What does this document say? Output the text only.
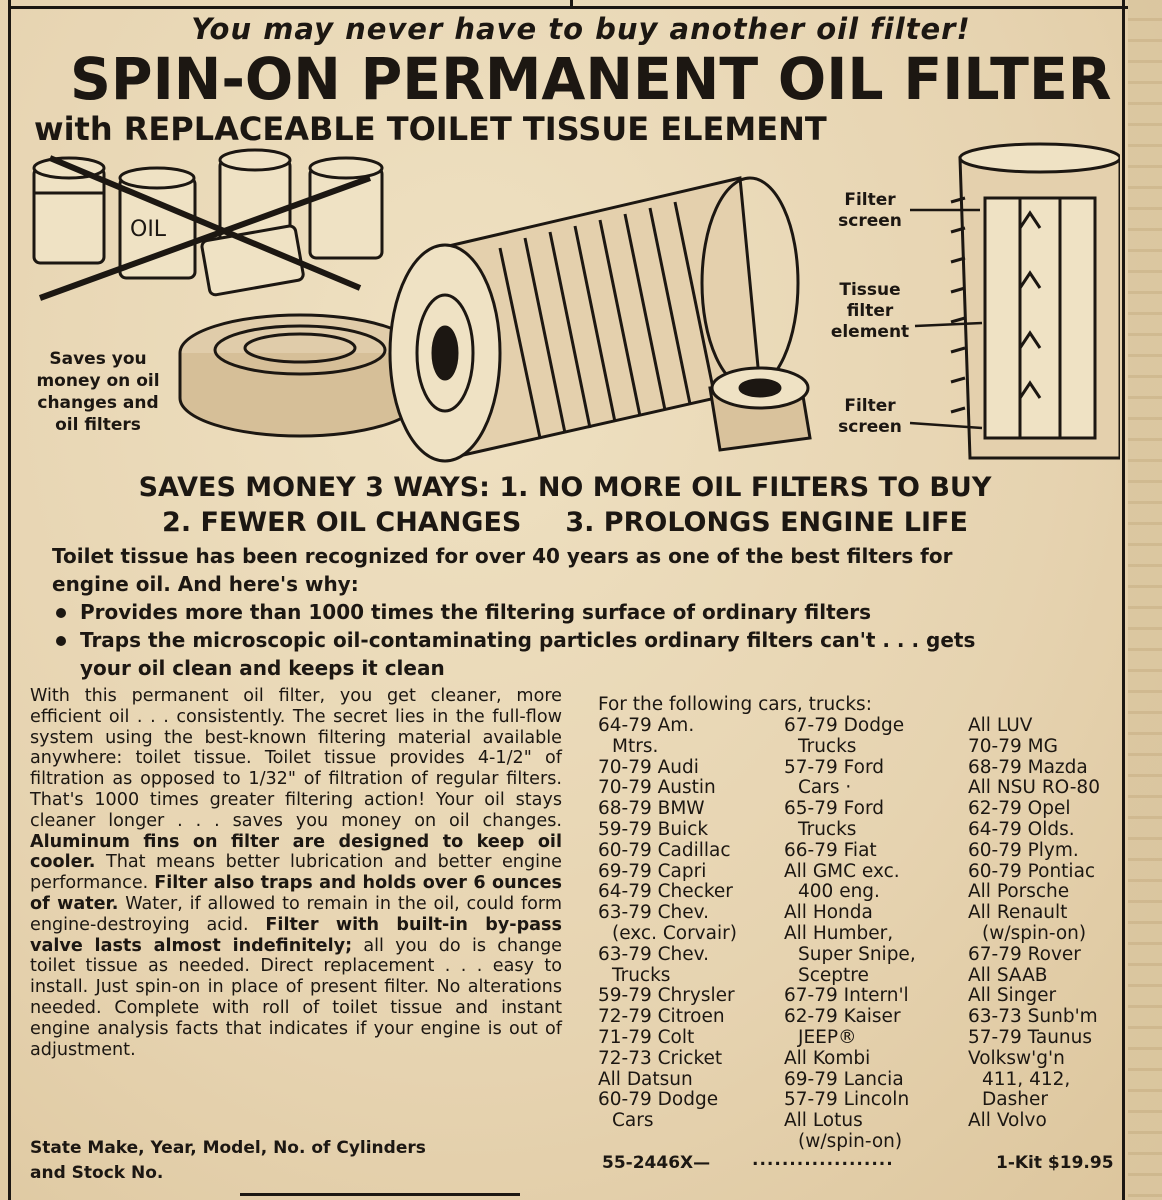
You may never have to buy another oil filter!
SPIN-ON PERMANENT OIL FILTER
with REPLACEABLE TOILET TISSUE ELEMENT
OIL
Filter
screen
Tissue
filter
element
Filter
screen
Saves you
money on oil
changes and
oil filters
SAVES MONEY 3 WAYS: 1. NO MORE OIL FILTERS TO BUY
2. FEWER OIL CHANGES 3. PROLONGS ENGINE LIFE
Toilet tissue has been recognized for over 40 years as one of the best filters for
engine oil. And here's why:
Provides more than 1000 times the filtering surface of ordinary filters
Traps the microscopic oil-contaminating particles ordinary filters can't . . . gets
your oil clean and keeps it clean
With this permanent oil filter, you get cleaner, more efficient oil . . . consistently. The secret lies in the full-flow system using the best-known filtering material available anywhere: toilet tissue. Toilet tissue provides 4-1/2" of filtration as opposed to 1/32" of filtration of regular filters. That's 1000 times greater filtering action! Your oil stays cleaner longer . . . saves you money on oil changes. Aluminum fins on filter are designed to keep oil cooler. That means better lubrication and better engine performance. Filter also traps and holds over 6 ounces of water. Water, if allowed to remain in the oil, could form engine-destroying acid. Filter with built-in by-pass valve lasts almost indefinitely; all you do is change toilet tissue as needed. Direct replacement . . . easy to install. Just spin-on in place of present filter. No alterations needed. Complete with roll of toilet tissue and instant engine analysis facts that indicates if your engine is out of adjustment.
State Make, Year, Model, No. of Cylinders
and Stock No.
For the following cars, trucks:
64-79 Am.
Mtrs.
70-79 Audi
70-79 Austin
68-79 BMW
59-79 Buick
60-79 Cadillac
69-79 Capri
64-79 Checker
63-79 Chev.
(exc. Corvair)
63-79 Chev.
Trucks
59-79 Chrysler
72-79 Citroen
71-79 Colt
72-73 Cricket
All Datsun
60-79 Dodge
Cars
67-79 Dodge
Trucks
57-79 Ford
Cars ·
65-79 Ford
Trucks
66-79 Fiat
All GMC exc.
400 eng.
All Honda
All Humber,
Super Snipe,
Sceptre
67-79 Intern'l
62-79 Kaiser
JEEP®
All Kombi
69-79 Lancia
57-79 Lincoln
All Lotus
(w/spin-on)
All LUV
70-79 MG
68-79 Mazda
All NSU RO-80
62-79 Opel
64-79 Olds.
60-79 Plym.
60-79 Pontiac
All Porsche
All Renault
(w/spin-on)
67-79 Rover
All SAAB
All Singer
63-73 Sunb'm
57-79 Taunus
Volksw'g'n
411, 412,
Dasher
All Volvo
55-2446X— ...................	1-Kit $19.95
